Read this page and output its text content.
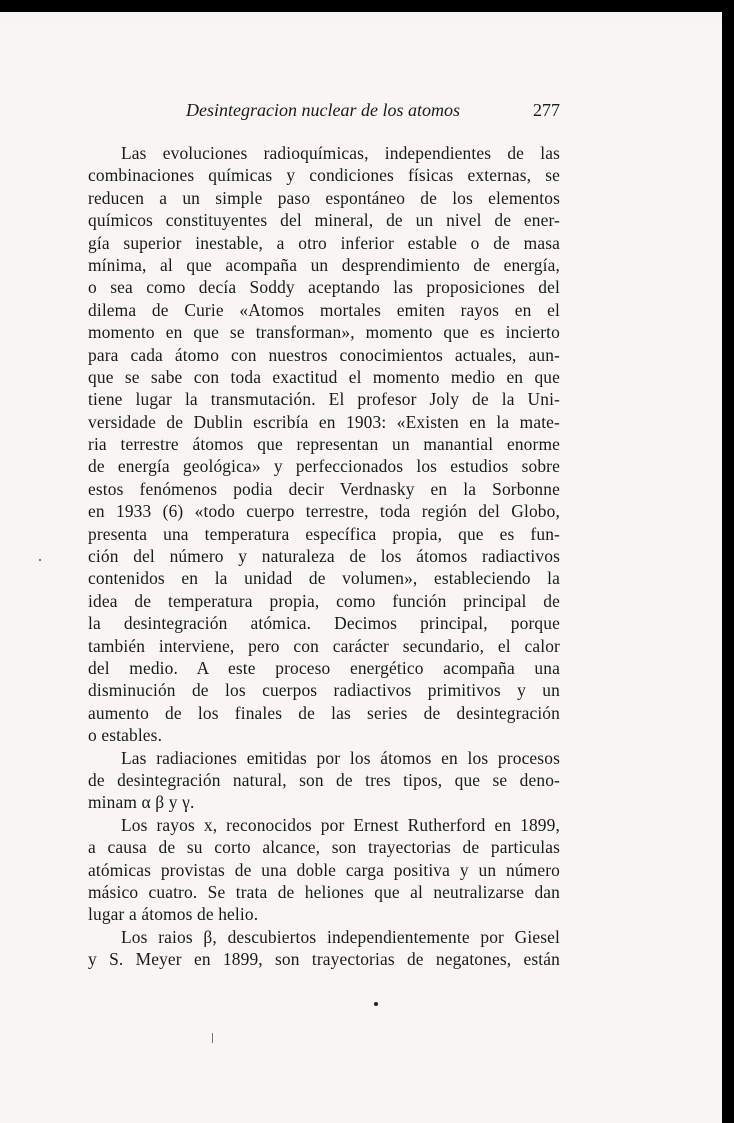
Desintegracion nuclear de los atomos	277
Las evoluciones radioquímicas, independientes de las
combinaciones químicas y condiciones físicas externas, se
reducen a un simple paso espontáneo de los elementos
químicos constituyentes del mineral, de un nivel de ener-
gía superior inestable, a otro inferior estable o de masa
mínima, al que acompaña un desprendimiento de energía,
o sea como decía Soddy aceptando las proposiciones del
dilema de Curie «Atomos mortales emiten rayos en el
momento en que se transforman», momento que es incierto
para cada átomo con nuestros conocimientos actuales, aun-
que se sabe con toda exactitud el momento medio en que
tiene lugar la transmutación. El profesor Joly de la Uni-
versidade de Dublin escribía en 1903: «Existen en la mate-
ria terrestre átomos que representan un manantial enorme
de energía geológica» y perfeccionados los estudios sobre
estos fenómenos podia decir Verdnasky en la Sorbonne
en 1933 (6) «todo cuerpo terrestre, toda región del Globo,
presenta una temperatura específica propia, que es fun-
ción del número y naturaleza de los átomos radiactivos
contenidos en la unidad de volumen», estableciendo la
idea de temperatura propia, como función principal de
la desintegración atómica. Decimos principal, porque
también interviene, pero con carácter secundario, el calor
del medio. A este proceso energético acompaña una
disminución de los cuerpos radiactivos primitivos y un
aumento de los finales de las series de desintegración
o estables.
Las radiaciones emitidas por los átomos en los procesos
de desintegración natural, son de tres tipos, que se deno-
minam α β y γ.
Los rayos x, reconocidos por Ernest Rutherford en 1899,
a causa de su corto alcance, son trayectorias de particulas
atómicas provistas de una doble carga positiva y un número
másico cuatro. Se trata de heliones que al neutralizarse dan
lugar a átomos de helio.
Los raios β, descubiertos independientemente por Giesel
y S. Meyer en 1899, son trayectorias de negatones, están
